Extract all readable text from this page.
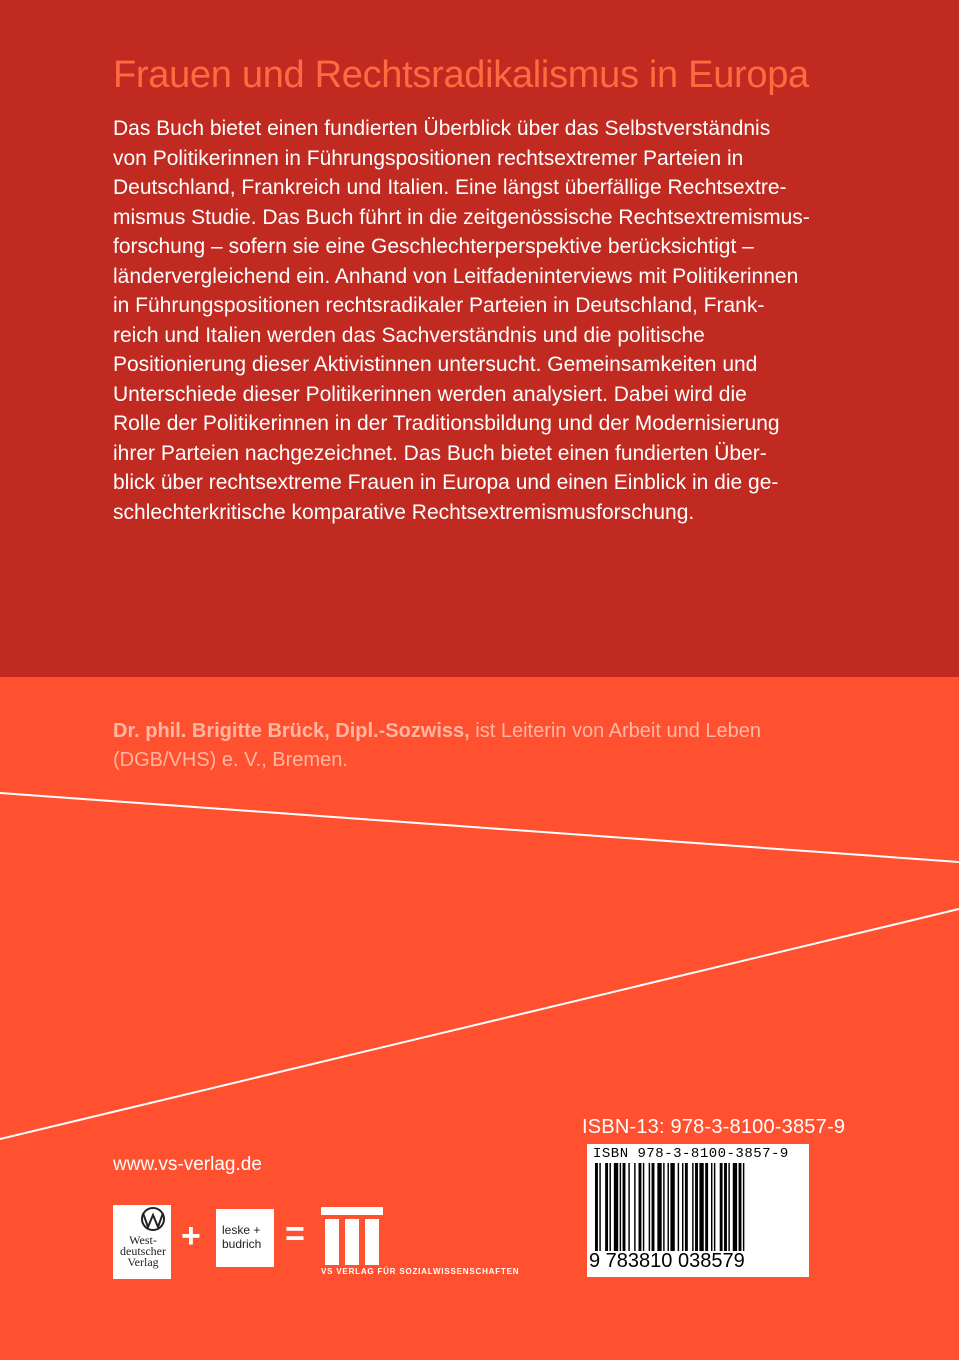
Frauen und Rechtsradikalismus in Europa

Das Buch bietet einen fundierten Überblick über das Selbstverständnis
von Politikerinnen in Führungspositionen rechtsextremer Parteien in
Deutschland, Frankreich und Italien. Eine längst überfällige Rechtsextre-
mismus Studie. Das Buch führt in die zeitgenössische Rechtsextremismus-
forschung – sofern sie eine Geschlechterperspektive berücksichtigt –
ländervergleichend ein. Anhand von Leitfadeninterviews mit Politikerinnen
in Führungspositionen rechtsradikaler Parteien in Deutschland, Frank-
reich und Italien werden das Sachverständnis und die politische
Positionierung dieser Aktivistinnen untersucht. Gemeinsamkeiten und
Unterschiede dieser Politikerinnen werden analysiert. Dabei wird die
Rolle der Politikerinnen in der Traditionsbildung und der Modernisierung
ihrer Parteien nachgezeichnet. Das Buch bietet einen fundierten Über-
blick über rechtsextreme Frauen in Europa und einen Einblick in die ge-
schlechterkritische komparative Rechtsextremismusforschung.

Dr. phil. Brigitte Brück, Dipl.-Sozwiss, ist Leiterin von Arbeit und Leben
(DGB/VHS) e. V., Bremen.
www.vs-verlag.de
ISBN-13: 978-3-8100-3857-9
ISBN 978-3-8100-3857-9
9 783810 038579
West-
deutscher
Verlag
+ leske +
budrich =
VS VERLAG FÜR SOZIALWISSENSCHAFTEN
